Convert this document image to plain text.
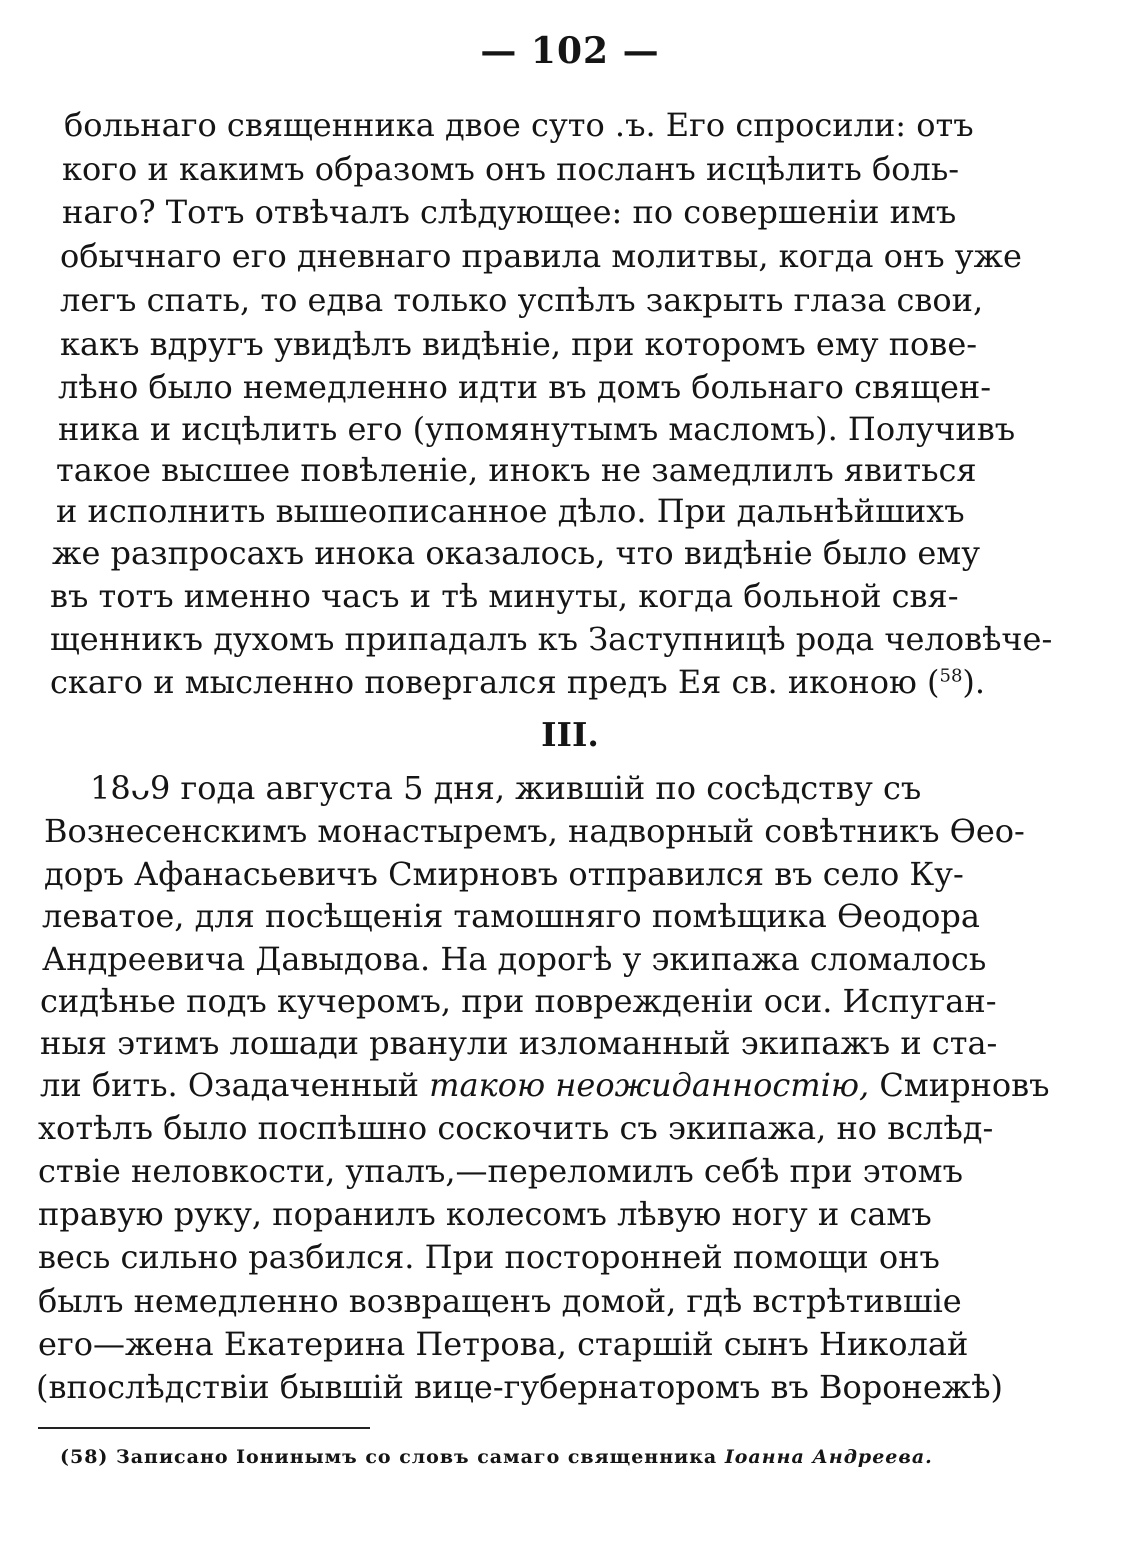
— 102 —

больнаго священника двое суто .ъ. Его спросили: отъ

кого и какимъ образомъ онъ посланъ исцѣлить боль-

наго? Тотъ отвѣчалъ слѣдующее: по совершеніи имъ

обычнаго его дневнаго правила молитвы, когда онъ уже

легъ спать, то едва только успѣлъ закрыть глаза свои,

какъ вдругъ увидѣлъ видѣніе, при которомъ ему пове-

лѣно было немедленно идти въ домъ больнаго священ-

ника и исцѣлить его (упомянутымъ масломъ). Получивъ

такое высшее повѣленіе, инокъ не замедлилъ явиться

и исполнить вышеописанное дѣло. При дальнѣйшихъ

же разпросахъ инока оказалось, что видѣніе было ему

въ тотъ именно часъ и тѣ минуты, когда больной свя-

щенникъ духомъ припадалъ къ Заступницѣ рода человѣче-

скаго и мысленно повергался предъ Ея св. иконою ($^{58}$).

III.

18ᴗ9 года августа 5 дня, жившій по сосѣдству съ

Вознесенскимъ монастыремъ, надворный совѣтникъ Ѳео-

доръ Афанасьевичъ Смирновъ отправился въ село Ку-

леватое, для посѣщенія тамошняго помѣщика Ѳеодора

Андреевича Давыдова. На дорогѣ у экипажа сломалось

сидѣнье подъ кучеромъ, при поврежденіи оси. Испуган-

ныя этимъ лошади рванули изломанный экипажъ и ста-

ли бить. Озадаченный такою неожиданностію, Смирновъ

хотѣлъ было поспѣшно соскочить съ экипажа, но вслѣд-

ствіе неловкости, упалъ,—переломилъ себѣ при этомъ

правую руку, поранилъ колесомъ лѣвую ногу и самъ

весь сильно разбился. При посторонней помощи онъ

былъ немедленно возвращенъ домой, гдѣ встрѣтившіе

его—жена Екатерина Петрова, старшій сынъ Николай

(впослѣдствіи бывшій вице-губернаторомъ въ Воронежѣ)

(58) Записано Іонинымъ со словъ самаго священника Іоанна Андреева.
